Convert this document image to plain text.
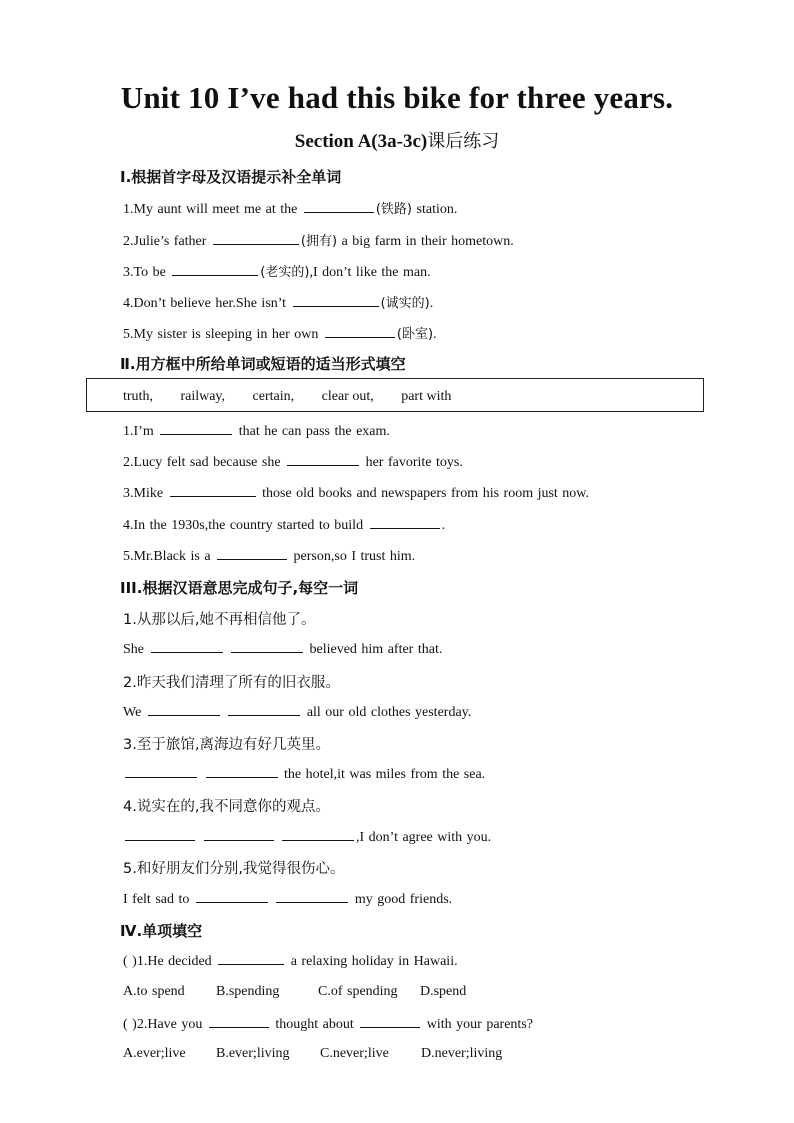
Unit 10 I’ve had this bike for three years.
Section A(3a-3c)课后练习
Ⅰ.根据首字母及汉语提示补全单词
1.My aunt will meet me at the	(铁路) station.
2.Julie’s father	(拥有) a big farm in their hometown.
3.To be	(老实的),I don’t like the man.
4.Don’t believe her.She isn’t	(诚实的).
5.My sister is sleeping in her own	(卧室).
Ⅱ.用方框中所给单词或短语的适当形式填空
truth, railway, certain, clear out, part with
1.I’m	that he can pass the exam.
2.Lucy felt sad because she	her favorite toys.
3.Mike	those old books and newspapers from his room just now.
4.In the 1930s,the country started to build	.
5.Mr.Black is a	person,so I trust him.
III.根据汉语意思完成句子,每空一词
1.从那以后,她不再相信他了。
She	believed him after that.
2.昨天我们清理了所有的旧衣服。
We	all our old clothes yesterday.
3.至于旅馆,离海边有好几英里。
the hotel,it was miles from the sea.
4.说实在的,我不同意你的观点。
,I don’t agree with you.
5.和好朋友们分别,我觉得很伤心。
I felt sad to	my good friends.
Ⅳ.单项填空
( )1.He decided	a relaxing holiday in Hawaii.
A.to spend B.spending	C.of spending D.spend
( )2.Have you	thought about	with your parents?
A.ever;live B.ever;living C.never;live D.never;living
